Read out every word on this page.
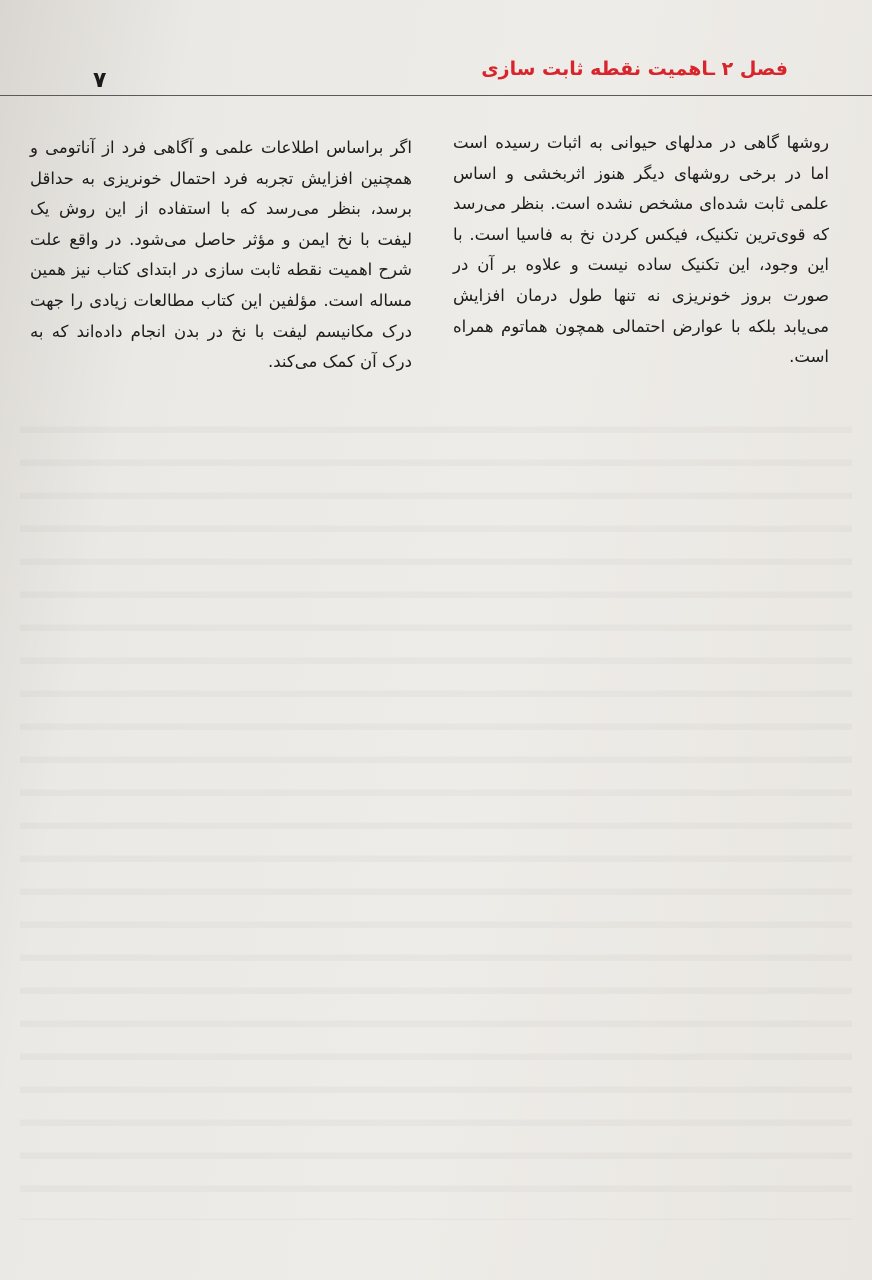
فصل ۲ ـاهمیت نقطه ثابت سازی
۷
روشها گاهی در مدلهای حیوانی به اثبات رسیده است اما در برخی روشهای دیگر هنوز اثربخشی و اساس علمی ثابت شده‌ای مشخص نشده است. بنظر می‌رسد که قوی‌ترین تکنیک، فیکس کردن نخ به فاسیا است. با این وجود، این تکنیک ساده نیست و علاوه بر آن در صورت بروز خونریزی نه تنها طول درمان افزایش می‌یابد بلکه با عوارض احتمالی همچون هماتوم همراه است.
اگر براساس اطلاعات علمی و آگاهی فرد از آناتومی و همچنین افزایش تجربه فرد احتمال خونریزی به حداقل برسد، بنظر می‌رسد که با استفاده از این روش یک لیفت با نخ ایمن و مؤثر حاصل می‌شود. در واقع علت شرح اهمیت نقطه ثابت سازی در ابتدای کتاب نیز همین مساله است. مؤلفین این کتاب مطالعات زیادی را جهت درک مکانیسم لیفت با نخ در بدن انجام داده‌اند که به درک آن کمک می‌کند.
